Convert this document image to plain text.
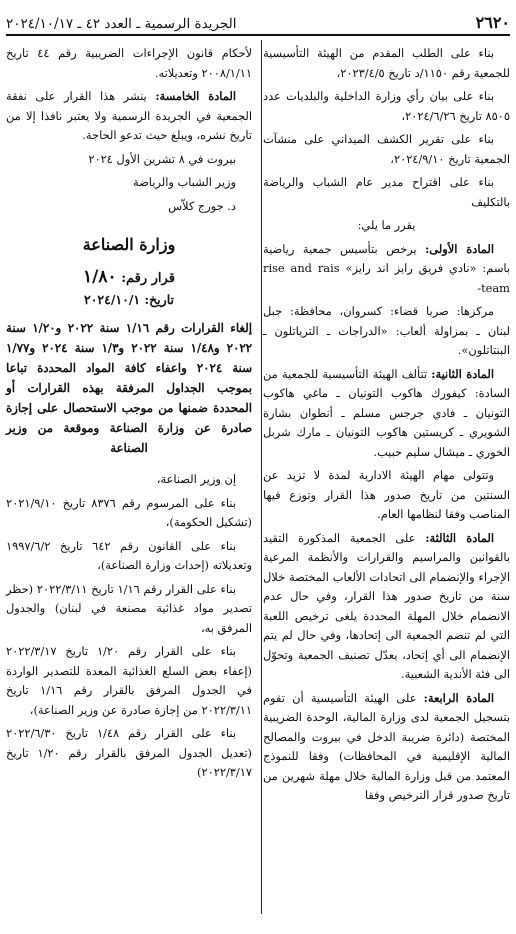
٢٦٢٠
الجريدة الرسمية ـ العدد ٤٢ ـ ٢٠٢٤/١٠/١٧

بناء على الطلب المقدم من الهيئة التأسيسية للجمعية رقم ١١٥٠/د تاريخ ٢٠٢٣/٤/٥،

بناء على بيان رأي وزارة الداخلية والبلديات عدد ٨٥٠٥ تاريخ ٢٠٢٤/٦/٢٦،

بناء على تقرير الكشف الميداني على منشآت الجمعية تاريخ ٢٠٢٤/٩/١٠،

بناء على اقتراح مدير عام الشباب والرياضة بالتكليف

يقرر ما يلي:

المادة الأولى: يرخص بتأسيس جمعية رياضية باسم: «نادي فريق رايز اند رايز» rise and rais team-

مركزها: صربا قضاء: كسروان، محافظة: جبل لبنان ـ بمزاولة ألعاب: «الدراجات ـ الترياتلون ـ البنتاتلون».

المادة الثانية: تتألف الهيئة التأسيسية للجمعية من السادة: كيفورك هاكوب التونيان ـ ماغي هاكوب التونيان ـ فادي جرجس مسلم ـ أنطوان بشارة الشويري ـ كريستين هاكوب التونيان ـ مارك شربل الخوري ـ ميشال سليم حبيب.

وتتولى مهام الهيئة الادارية لمدة لا تزيد عن السنتين من تاريخ صدور هذا القرار وتوزع فيها المناصب وفقا لنظامها العام.

المادة الثالثة: على الجمعية المذكورة التقيد بالقوانين والمراسيم والقرارات والأنظمة المرعية الإجراء والإنضمام الى اتحادات الألعاب المختصة خلال سنة من تاريخ صدور هذا القرار، وفي حال عدم الانضمام خلال المهلة المحددة يلغى ترخيص اللعبة التي لم تنضم الجمعية الى إتحادها، وفي حال لم يتم الإنضمام الى أي إتحاد، يعدّل تصنيف الجمعية وتحوّل الى فئة الأندية الشعبية.

المادة الرابعة: على الهيئة التأسيسية أن تقوم بتسجيل الجمعية لدى وزارة المالية، الوحدة الضريبية المختصة (دائرة ضريبة الدخل في بيروت والمصالح المالية الإقليمية في المحافظات) وفقا للنموذج المعتمد من قبل وزارة المالية خلال مهلة شهرين من تاريخ صدور قرار الترخيص وفقا

لأحكام قانون الإجراءات الضريبية رقم ٤٤ تاريخ ٢٠٠٨/١/١١ وتعديلاته.

المادة الخامسة: ينشر هذا القرار على نفقة الجمعية في الجريدة الرسمية ولا يعتبر نافذا إلا من تاريخ نشره، ويبلغ حيث تدعو الحاجة.

بيروت في ٨ تشرين الأول ٢٠٢٤

وزير الشباب والرياضة

د. جورج كلاّس

وزارة الصناعة
قرار رقم: ١/٨٠
تاريخ: ٢٠٢٤/١٠/١

إلغاء القرارات رقم ١/١٦ سنة ٢٠٢٢ و١/٢٠ سنة ٢٠٢٢ و١/٤٨ سنة ٢٠٢٢ و١/٣ سنة ٢٠٢٤ و١/٧٧ سنة ٢٠٢٤ واعفاء كافة المواد المحددة تباعا بموجب الجداول المرفقة بهذه القرارات أو المحددة ضمنها من موجب الاستحصال على إجازة صادرة عن وزارة الصناعة وموقعة من وزير الصناعة

إن وزير الصناعة،

بناء على المرسوم رقم ٨٣٧٦ تاريخ ٢٠٢١/٩/١٠ (تشكيل الحكومة)،

بناء على القانون رقم ٦٤٢ تاريخ ١٩٩٧/٦/٢ وتعديلاته (إحداث وزارة الصناعة)،

بناء على القرار رقم ١/١٦ تاريخ ٢٠٢٢/٣/١١ (حظر تصدير مواد غذائية مصنعة في لبنان) والجدول المرفق به،

بناء على القرار رقم ١/٢٠ تاريخ ٢٠٢٢/٣/١٧ (إعفاء بعض السلع الغذائية المعدة للتصدير الواردة في الجدول المرفق بالقرار رقم ١/١٦ تاريخ ٢٠٢٢/٣/١١ من إجازة صادرة عن وزير الصناعة)،

بناء على القرار رقم ١/٤٨ تاريخ ٢٠٢٢/٦/٣٠ (تعديل الجدول المرفق بالقرار رقم ١/٢٠ تاريخ ٢٠٢٢/٣/١٧)
